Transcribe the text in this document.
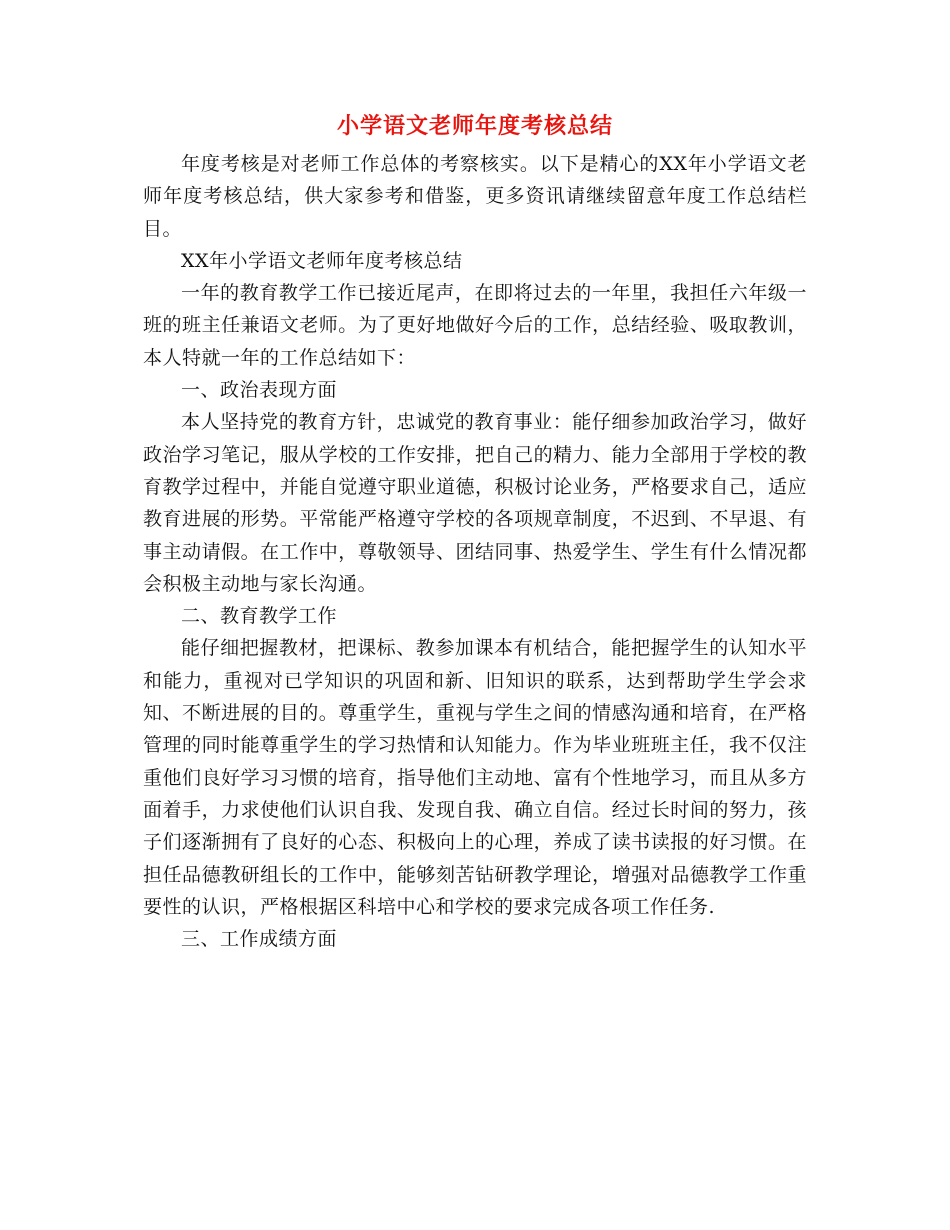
小学语文老师年度考核总结

年度考核是对老师工作总体的考察核实。以下是精心的XX年小学语文老师年度考核总结，供大家参考和借鉴，更多资讯请继续留意年度工作总结栏目。

XX年小学语文老师年度考核总结

一年的教育教学工作已接近尾声，在即将过去的一年里，我担任六年级一班的班主任兼语文老师。为了更好地做好今后的工作，总结经验、吸取教训，本人特就一年的工作总结如下：

一、政治表现方面

本人坚持党的教育方针，忠诚党的教育事业：能仔细参加政治学习，做好政治学习笔记，服从学校的工作安排，把自己的精力、能力全部用于学校的教育教学过程中，并能自觉遵守职业道德，积极讨论业务，严格要求自己，适应教育进展的形势。平常能严格遵守学校的各项规章制度，不迟到、不早退、有事主动请假。在工作中，尊敬领导、团结同事、热爱学生、学生有什么情况都会积极主动地与家长沟通。

二、教育教学工作

能仔细把握教材，把课标、教参加课本有机结合，能把握学生的认知水平和能力，重视对已学知识的巩固和新、旧知识的联系，达到帮助学生学会求知、不断进展的目的。尊重学生，重视与学生之间的情感沟通和培育，在严格管理的同时能尊重学生的学习热情和认知能力。作为毕业班班主任，我不仅注重他们良好学习习惯的培育，指导他们主动地、富有个性地学习，而且从多方面着手，力求使他们认识自我、发现自我、确立自信。经过长时间的努力，孩子们逐渐拥有了良好的心态、积极向上的心理，养成了读书读报的好习惯。在担任品德教研组长的工作中，能够刻苦钻研教学理论，增强对品德教学工作重要性的认识，严格根据区科培中心和学校的要求完成各项工作任务.

三、工作成绩方面
